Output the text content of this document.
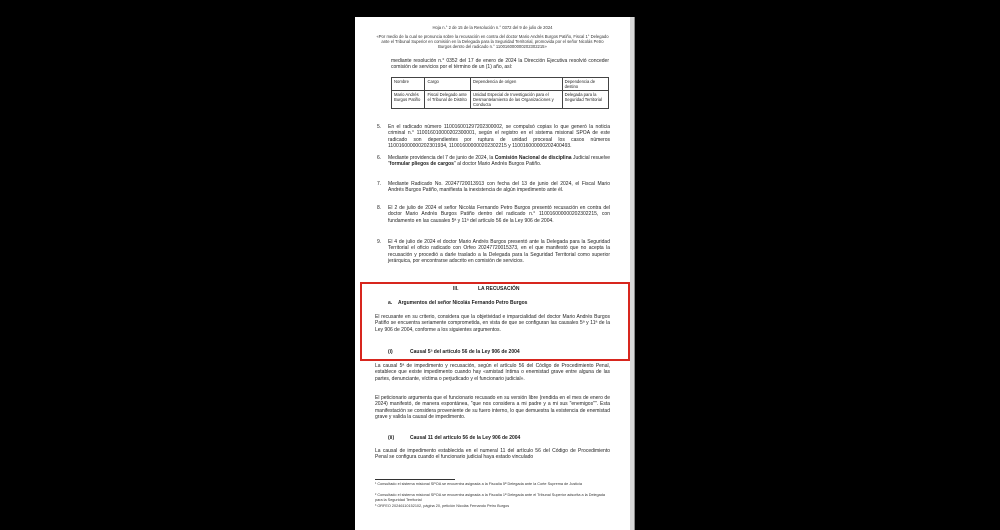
Hoja n.° 2 de 15 de la Resolución n.° 0372 del 9 de julio de 2024

«Por medio de la cual se pronuncia sobre la recusación en contra del doctor Mario Andrés Burgos Patiño, Fiscal 1° Delegado ante el Tribunal Superior en comisión en la Delegada para la Seguridad Territorial, promovida por el señor Nicolás Petro Burgos dentro del radicado n.° 110016000000202302215»

mediante resolución n.° 0352 del 17 de enero de 2024 la Dirección Ejecutiva resolvió conceder comisión de servicios por el término de un (1) año, así:

Nombre	Cargo	Dependencia de origen	Dependencia de destino
Mario Andrés Burgos Patiño	Fiscal Delegado ante el Tribunal de Distrito	Unidad Especial de Investigación para el Desmantelamiento de las Organizaciones y Conducta	Delegada para la Seguridad Territorial
5. En el radicado número 110016001297202300002, se compulsó copias lo que generó la noticia criminal n.° 110016010000202300001, según el registro en el sistema misional SPOA de este radicado son dependientes por ruptura de unidad procesal los casos números 110016000000202301934, 110016000000202302215 y 110016000000202400493.

6. Mediante providencia del 7 de junio de 2024, la Comisión Nacional de disciplina Judicial resuelve "formular pliegos de cargos" al doctor Mario Andrés Burgos Patiño.

7. Mediante Radicado No. 20247720013913 con fecha del 13 de junio del 2024, el Fiscal Mario Andrés Burgos Patiño, manifiesta la inexistencia de algún impedimento ante él.

8. El 2 de julio de 2024 el señor Nicolás Fernando Petro Burgos presentó recusación en contra del doctor Mario Andrés Burgos Patiño dentro del radicado n.° 110016000000202302215, con fundamento en las causales 5ª y 11ª del artículo 56 de la Ley 906 de 2004.

9. El 4 de julio de 2024 el doctor Mario Andrés Burgos presentó ante la Delegada para la Seguridad Territorial el oficio radicado con Orfeo 20247720015373, en el que manifestó que no acepta la recusación y procedió a darle traslado a la Delegada para la Seguridad Territorial como superior jerárquica, por encontrarse adscrito en comisión de servicios.

III.	LA RECUSACIÓN
a. Argumentos del señor Nicolás Fernando Petro Burgos

El recusante en su criterio, considera que la objetividad e imparcialidad del doctor Mario Andrés Burgos Patiño se encuentra seriamente comprometida, en vista de que se configuran las causales 5ª y 11ª de la Ley 906 de 2004, conforme a los siguientes argumentos.

(i)	Causal 5ª del artículo 56 de la Ley 906 de 2004

La causal 5ª de impedimento y recusación, según el artículo 56 del Código de Procedimiento Penal, establece que existe impedimento cuando hay «amistad íntima o enemistad grave entre alguna de las partes, denunciante, víctima o perjudicado y el funcionario judicial».

El peticionario argumenta que el funcionario recusado en su versión libre (rendida en el mes de enero de 2024) manifestó, de manera espontánea, "que nos considera a mi padre y a mi sus "enemigos"". Esta manifestación se considera proveniente de su fuero interno, lo que demuestra la existencia de enemistad grave y valida la causal de impedimento.

(ii)	Causal 11 del artículo 56 de la Ley 906 de 2004

La causal de impedimento establecida en el numeral 11 del artículo 56 del Código de Procedimiento Penal se configura cuando el funcionario judicial haya estado vinculado

¹ Consultado el sistema misional SPOA se encuentra asignada a la Fiscalía 5ª Delegada ante la Corte Suprema de Justicia

² Consultado el sistema misional SPOA se encuentra asignada a la Fiscalía 1ª Delegada ante el Tribunal Superior adscrita a la Delegada para la Seguridad Territorial

³ ORFEO 20246110152102, página 20, petición Nicolás Fernando Petro Burgos
